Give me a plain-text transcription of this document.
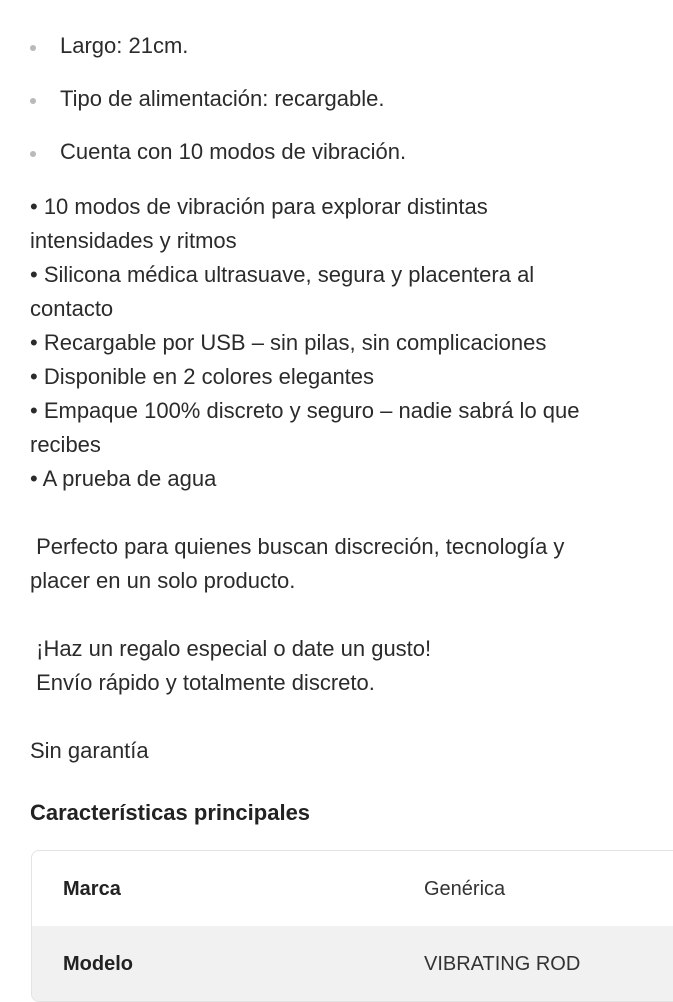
Largo: 21cm.
Tipo de alimentación: recargable.
Cuenta con 10 modos de vibración.
• 10 modos de vibración para explorar distintas
intensidades y ritmos
• Silicona médica ultrasuave, segura y placentera al
contacto
• Recargable por USB – sin pilas, sin complicaciones
• Disponible en 2 colores elegantes
• Empaque 100% discreto y seguro – nadie sabrá lo que
recibes
• A prueba de agua
Perfecto para quienes buscan discreción, tecnología y
placer en un solo producto.
¡Haz un regalo especial o date un gusto!
Envío rápido y totalmente discreto.
Sin garantía
Características principales
Marca	Genérica
Modelo	VIBRATING ROD
